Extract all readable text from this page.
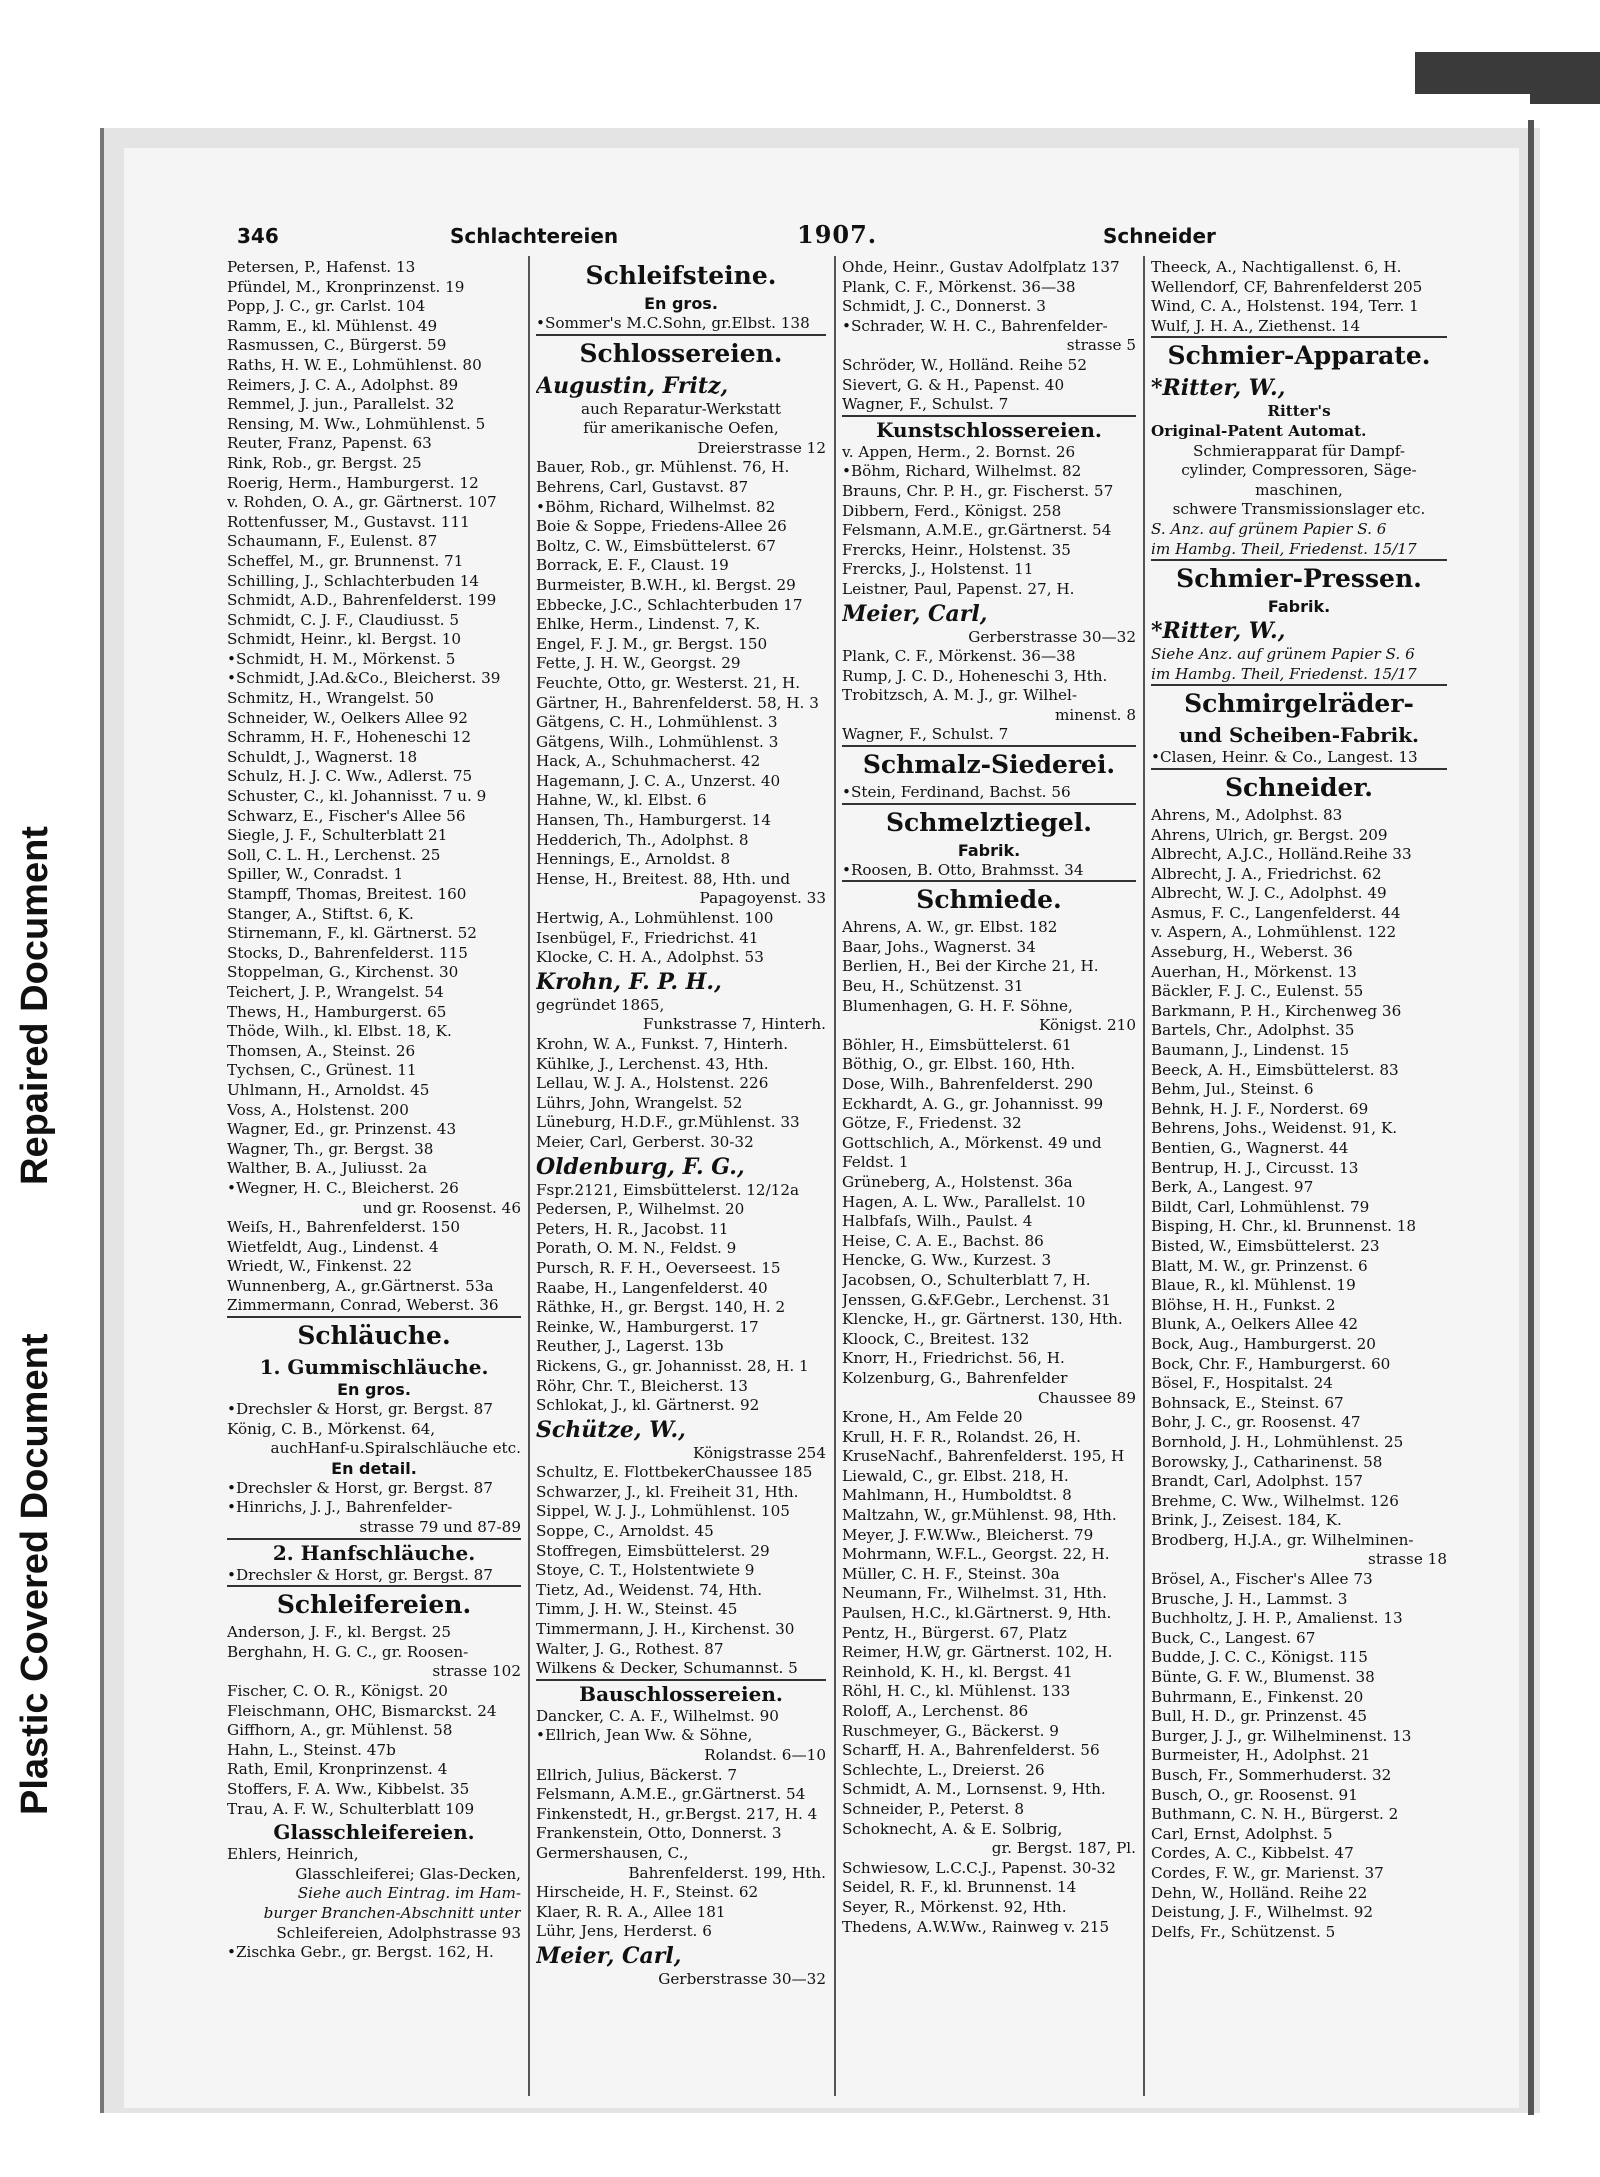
Repaired Document
Plastic Covered Document
346	Schlachtereien	1907.	Schneider
Petersen, P., Hafenst. 13
Pfündel, M., Kronprinzenst. 19
Popp, J. C., gr. Carlst. 104
Ramm, E., kl. Mühlenst. 49
Rasmussen, C., Bürgerst. 59
Raths, H. W. E., Lohmühlenst. 80
Reimers, J. C. A., Adolphst. 89
Remmel, J. jun., Parallelst. 32
Rensing, M. Ww., Lohmühlenst. 5
Reuter, Franz, Papenst. 63
Rink, Rob., gr. Bergst. 25
Roerig, Herm., Hamburgerst. 12
v. Rohden, O. A., gr. Gärtnerst. 107
Rottenfusser, M., Gustavst. 111
Schaumann, F., Eulenst. 87
Scheffel, M., gr. Brunnenst. 71
Schilling, J., Schlachterbuden 14
Schmidt, A.D., Bahrenfelderst. 199
Schmidt, C. J. F., Claudiusst. 5
Schmidt, Heinr., kl. Bergst. 10
•Schmidt, H. M., Mörkenst. 5
•Schmidt, J.Ad.&Co., Bleicherst. 39
Schmitz, H., Wrangelst. 50
Schneider, W., Oelkers Allee 92
Schramm, H. F., Hoheneschi 12
Schuldt, J., Wagnerst. 18
Schulz, H. J. C. Ww., Adlerst. 75
Schuster, C., kl. Johannisst. 7 u. 9
Schwarz, E., Fischer's Allee 56
Siegle, J. F., Schulterblatt 21
Soll, C. L. H., Lerchenst. 25
Spiller, W., Conradst. 1
Stampff, Thomas, Breitest. 160
Stanger, A., Stiftst. 6, K.
Stirnemann, F., kl. Gärtnerst. 52
Stocks, D., Bahrenfelderst. 115
Stoppelman, G., Kirchenst. 30
Teichert, J. P., Wrangelst. 54
Thews, H., Hamburgerst. 65
Thöde, Wilh., kl. Elbst. 18, K.
Thomsen, A., Steinst. 26
Tychsen, C., Grünest. 11
Uhlmann, H., Arnoldst. 45
Voss, A., Holstenst. 200
Wagner, Ed., gr. Prinzenst. 43
Wagner, Th., gr. Bergst. 38
Walther, B. A., Juliusst. 2a
•Wegner, H. C., Bleicherst. 26
und gr. Roosenst. 46
Weiſs, H., Bahrenfelderst. 150
Wietfeldt, Aug., Lindenst. 4
Wriedt, W., Finkenst. 22
Wunnenberg, A., gr.Gärtnerst. 53a
Zimmermann, Conrad, Weberst. 36
Schläuche.
1. Gummischläuche.
En gros.
•Drechsler & Horst, gr. Bergst. 87
König, C. B., Mörkenst. 64,
auchHanf-u.Spiralschläuche etc.
En detail.
•Drechsler & Horst, gr. Bergst. 87
•Hinrichs, J. J., Bahrenfelder-
strasse 79 und 87-89
2. Hanfschläuche.
•Drechsler & Horst, gr. Bergst. 87
Schleifereien.
Anderson, J. F., kl. Bergst. 25
Berghahn, H. G. C., gr. Roosen-
strasse 102
Fischer, C. O. R., Königst. 20
Fleischmann, OHC, Bismarckst. 24
Giffhorn, A., gr. Mühlenst. 58
Hahn, L., Steinst. 47b
Rath, Emil, Kronprinzenst. 4
Stoffers, F. A. Ww., Kibbelst. 35
Trau, A. F. W., Schulterblatt 109
Glasschleifereien.
Ehlers, Heinrich,
Glasschleiferei; Glas-Decken,
Siehe auch Eintrag. im Ham-
burger Branchen-Abschnitt unter
Schleifereien, Adolphstrasse 93
•Zischka Gebr., gr. Bergst. 162, H.
Schleifsteine.
En gros.
•Sommer's M.C.Sohn, gr.Elbst. 138
Schlossereien.
Augustin, Fritz,
auch Reparatur-Werkstatt
für amerikanische Oefen,
Dreierstrasse 12
Bauer, Rob., gr. Mühlenst. 76, H.
Behrens, Carl, Gustavst. 87
•Böhm, Richard, Wilhelmst. 82
Boie & Soppe, Friedens-Allee 26
Boltz, C. W., Eimsbüttelerst. 67
Borrack, E. F., Claust. 19
Burmeister, B.W.H., kl. Bergst. 29
Ebbecke, J.C., Schlachterbuden 17
Ehlke, Herm., Lindenst. 7, K.
Engel, F. J. M., gr. Bergst. 150
Fette, J. H. W., Georgst. 29
Feuchte, Otto, gr. Westerst. 21, H.
Gärtner, H., Bahrenfelderst. 58, H. 3
Gätgens, C. H., Lohmühlenst. 3
Gätgens, Wilh., Lohmühlenst. 3
Hack, A., Schuhmacherst. 42
Hagemann, J. C. A., Unzerst. 40
Hahne, W., kl. Elbst. 6
Hansen, Th., Hamburgerst. 14
Hedderich, Th., Adolphst. 8
Hennings, E., Arnoldst. 8
Hense, H., Breitest. 88, Hth. und
Papagoyenst. 33
Hertwig, A., Lohmühlenst. 100
Isenbügel, F., Friedrichst. 41
Klocke, C. H. A., Adolphst. 53
Krohn, F. P. H.,
gegründet 1865,
Funkstrasse 7, Hinterh.
Krohn, W. A., Funkst. 7, Hinterh.
Kühlke, J., Lerchenst. 43, Hth.
Lellau, W. J. A., Holstenst. 226
Lührs, John, Wrangelst. 52
Lüneburg, H.D.F., gr.Mühlenst. 33
Meier, Carl, Gerberst. 30-32
Oldenburg, F. G.,
Fspr.2121, Eimsbüttelerst. 12/12a
Pedersen, P., Wilhelmst. 20
Peters, H. R., Jacobst. 11
Porath, O. M. N., Feldst. 9
Pursch, R. F. H., Oeverseest. 15
Raabe, H., Langenfelderst. 40
Räthke, H., gr. Bergst. 140, H. 2
Reinke, W., Hamburgerst. 17
Reuther, J., Lagerst. 13b
Rickens, G., gr. Johannisst. 28, H. 1
Röhr, Chr. T., Bleicherst. 13
Schlokat, J., kl. Gärtnerst. 92
Schütze, W.,
Königstrasse 254
Schultz, E. FlottbekerChaussee 185
Schwarzer, J., kl. Freiheit 31, Hth.
Sippel, W. J. J., Lohmühlenst. 105
Soppe, C., Arnoldst. 45
Stoffregen, Eimsbüttelerst. 29
Stoye, C. T., Holstentwiete 9
Tietz, Ad., Weidenst. 74, Hth.
Timm, J. H. W., Steinst. 45
Timmermann, J. H., Kirchenst. 30
Walter, J. G., Rothest. 87
Wilkens & Decker, Schumannst. 5
Bauschlossereien.
Dancker, C. A. F., Wilhelmst. 90
•Ellrich, Jean Ww. & Söhne,
Rolandst. 6—10
Ellrich, Julius, Bäckerst. 7
Felsmann, A.M.E., gr.Gärtnerst. 54
Finkenstedt, H., gr.Bergst. 217, H. 4
Frankenstein, Otto, Donnerst. 3
Germershausen, C.,
Bahrenfelderst. 199, Hth.
Hirscheide, H. F., Steinst. 62
Klaer, R. R. A., Allee 181
Lühr, Jens, Herderst. 6
Meier, Carl,
Gerberstrasse 30—32
Ohde, Heinr., Gustav Adolfplatz 137
Plank, C. F., Mörkenst. 36—38
Schmidt, J. C., Donnerst. 3
•Schrader, W. H. C., Bahrenfelder-
strasse 5
Schröder, W., Holländ. Reihe 52
Sievert, G. & H., Papenst. 40
Wagner, F., Schulst. 7
Kunstschlossereien.
v. Appen, Herm., 2. Bornst. 26
•Böhm, Richard, Wilhelmst. 82
Brauns, Chr. P. H., gr. Fischerst. 57
Dibbern, Ferd., Königst. 258
Felsmann, A.M.E., gr.Gärtnerst. 54
Frercks, Heinr., Holstenst. 35
Frercks, J., Holstenst. 11
Leistner, Paul, Papenst. 27, H.
Meier, Carl,
Gerberstrasse 30—32
Plank, C. F., Mörkenst. 36—38
Rump, J. C. D., Hoheneschi 3, Hth.
Trobitzsch, A. M. J., gr. Wilhel-
minenst. 8
Wagner, F., Schulst. 7
Schmalz-Siederei.
•Stein, Ferdinand, Bachst. 56
Schmelztiegel.
Fabrik.
•Roosen, B. Otto, Brahmsst. 34
Schmiede.
Ahrens, A. W., gr. Elbst. 182
Baar, Johs., Wagnerst. 34
Berlien, H., Bei der Kirche 21, H.
Beu, H., Schützenst. 31
Blumenhagen, G. H. F. Söhne,
Königst. 210
Böhler, H., Eimsbüttelerst. 61
Böthig, O., gr. Elbst. 160, Hth.
Dose, Wilh., Bahrenfelderst. 290
Eckhardt, A. G., gr. Johannisst. 99
Götze, F., Friedenst. 32
Gottschlich, A., Mörkenst. 49 und
Feldst. 1
Grüneberg, A., Holstenst. 36a
Hagen, A. L. Ww., Parallelst. 10
Halbfaſs, Wilh., Paulst. 4
Heise, C. A. E., Bachst. 86
Hencke, G. Ww., Kurzest. 3
Jacobsen, O., Schulterblatt 7, H.
Jenssen, G.&F.Gebr., Lerchenst. 31
Klencke, H., gr. Gärtnerst. 130, Hth.
Kloock, C., Breitest. 132
Knorr, H., Friedrichst. 56, H.
Kolzenburg, G., Bahrenfelder
Chaussee 89
Krone, H., Am Felde 20
Krull, H. F. R., Rolandst. 26, H.
KruseNachf., Bahrenfelderst. 195, H
Liewald, C., gr. Elbst. 218, H.
Mahlmann, H., Humboldtst. 8
Maltzahn, W., gr.Mühlenst. 98, Hth.
Meyer, J. F.W.Ww., Bleicherst. 79
Mohrmann, W.F.L., Georgst. 22, H.
Müller, C. H. F., Steinst. 30a
Neumann, Fr., Wilhelmst. 31, Hth.
Paulsen, H.C., kl.Gärtnerst. 9, Hth.
Pentz, H., Bürgerst. 67, Platz
Reimer, H.W, gr. Gärtnerst. 102, H.
Reinhold, K. H., kl. Bergst. 41
Röhl, H. C., kl. Mühlenst. 133
Roloff, A., Lerchenst. 86
Ruschmeyer, G., Bäckerst. 9
Scharff, H. A., Bahrenfelderst. 56
Schlechte, L., Dreierst. 26
Schmidt, A. M., Lornsenst. 9, Hth.
Schneider, P., Peterst. 8
Schoknecht, A. & E. Solbrig,
gr. Bergst. 187, Pl.
Schwiesow, L.C.C.J., Papenst. 30-32
Seidel, R. F., kl. Brunnenst. 14
Seyer, R., Mörkenst. 92, Hth.
Thedens, A.W.Ww., Rainweg v. 215
Theeck, A., Nachtigallenst. 6, H.
Wellendorf, CF, Bahrenfelderst 205
Wind, C. A., Holstenst. 194, Terr. 1
Wulf, J. H. A., Ziethenst. 14
Schmier-Apparate.
*Ritter, W.,
Ritter's
Original-Patent Automat.
Schmierapparat für Dampf-
cylinder, Compressoren, Säge-
maschinen,
schwere Transmissionslager etc.
S. Anz. auf grünem Papier S. 6
im Hambg. Theil, Friedenst. 15/17
Schmier-Pressen.
Fabrik.
*Ritter, W.,
Siehe Anz. auf grünem Papier S. 6
im Hambg. Theil, Friedenst. 15/17
Schmirgelräder-
und Scheiben-Fabrik.
•Clasen, Heinr. & Co., Langest. 13
Schneider.
Ahrens, M., Adolphst. 83
Ahrens, Ulrich, gr. Bergst. 209
Albrecht, A.J.C., Holländ.Reihe 33
Albrecht, J. A., Friedrichst. 62
Albrecht, W. J. C., Adolphst. 49
Asmus, F. C., Langenfelderst. 44
v. Aspern, A., Lohmühlenst. 122
Asseburg, H., Weberst. 36
Auerhan, H., Mörkenst. 13
Bäckler, F. J. C., Eulenst. 55
Barkmann, P. H., Kirchenweg 36
Bartels, Chr., Adolphst. 35
Baumann, J., Lindenst. 15
Beeck, A. H., Eimsbüttelerst. 83
Behm, Jul., Steinst. 6
Behnk, H. J. F., Norderst. 69
Behrens, Johs., Weidenst. 91, K.
Bentien, G., Wagnerst. 44
Bentrup, H. J., Circusst. 13
Berk, A., Langest. 97
Bildt, Carl, Lohmühlenst. 79
Bisping, H. Chr., kl. Brunnenst. 18
Bisted, W., Eimsbüttelerst. 23
Blatt, M. W., gr. Prinzenst. 6
Blaue, R., kl. Mühlenst. 19
Blöhse, H. H., Funkst. 2
Blunk, A., Oelkers Allee 42
Bock, Aug., Hamburgerst. 20
Bock, Chr. F., Hamburgerst. 60
Bösel, F., Hospitalst. 24
Bohnsack, E., Steinst. 67
Bohr, J. C., gr. Roosenst. 47
Bornhold, J. H., Lohmühlenst. 25
Borowsky, J., Catharinenst. 58
Brandt, Carl, Adolphst. 157
Brehme, C. Ww., Wilhelmst. 126
Brink, J., Zeisest. 184, K.
Brodberg, H.J.A., gr. Wilhelminen-
strasse 18
Brösel, A., Fischer's Allee 73
Brusche, J. H., Lammst. 3
Buchholtz, J. H. P., Amalienst. 13
Buck, C., Langest. 67
Budde, J. C. C., Königst. 115
Bünte, G. F. W., Blumenst. 38
Buhrmann, E., Finkenst. 20
Bull, H. D., gr. Prinzenst. 45
Burger, J. J., gr. Wilhelminenst. 13
Burmeister, H., Adolphst. 21
Busch, Fr., Sommerhuderst. 32
Busch, O., gr. Roosenst. 91
Buthmann, C. N. H., Bürgerst. 2
Carl, Ernst, Adolphst. 5
Cordes, A. C., Kibbelst. 47
Cordes, F. W., gr. Marienst. 37
Dehn, W., Holländ. Reihe 22
Deistung, J. F., Wilhelmst. 92
Delfs, Fr., Schützenst. 5
